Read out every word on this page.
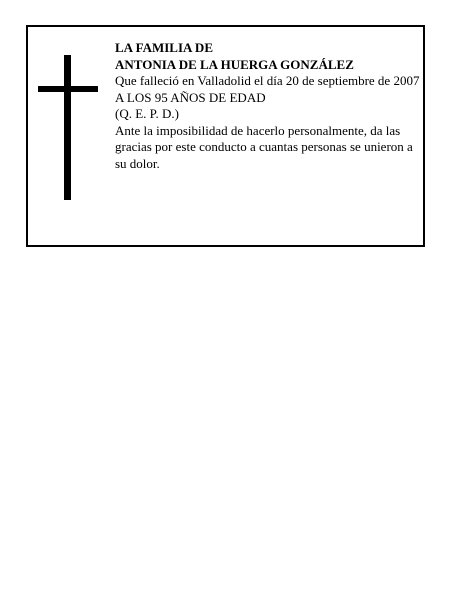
LA FAMILIA DE

ANTONIA DE LA HUERGA GONZÁLEZ

Que falleció en Valladolid el día 20 de septiembre de 2007

A LOS 95 AÑOS DE EDAD

(Q. E. P. D.)

Ante la imposibilidad de hacerlo personalmente, da las gracias por este conducto a cuantas personas se unieron a su dolor.
